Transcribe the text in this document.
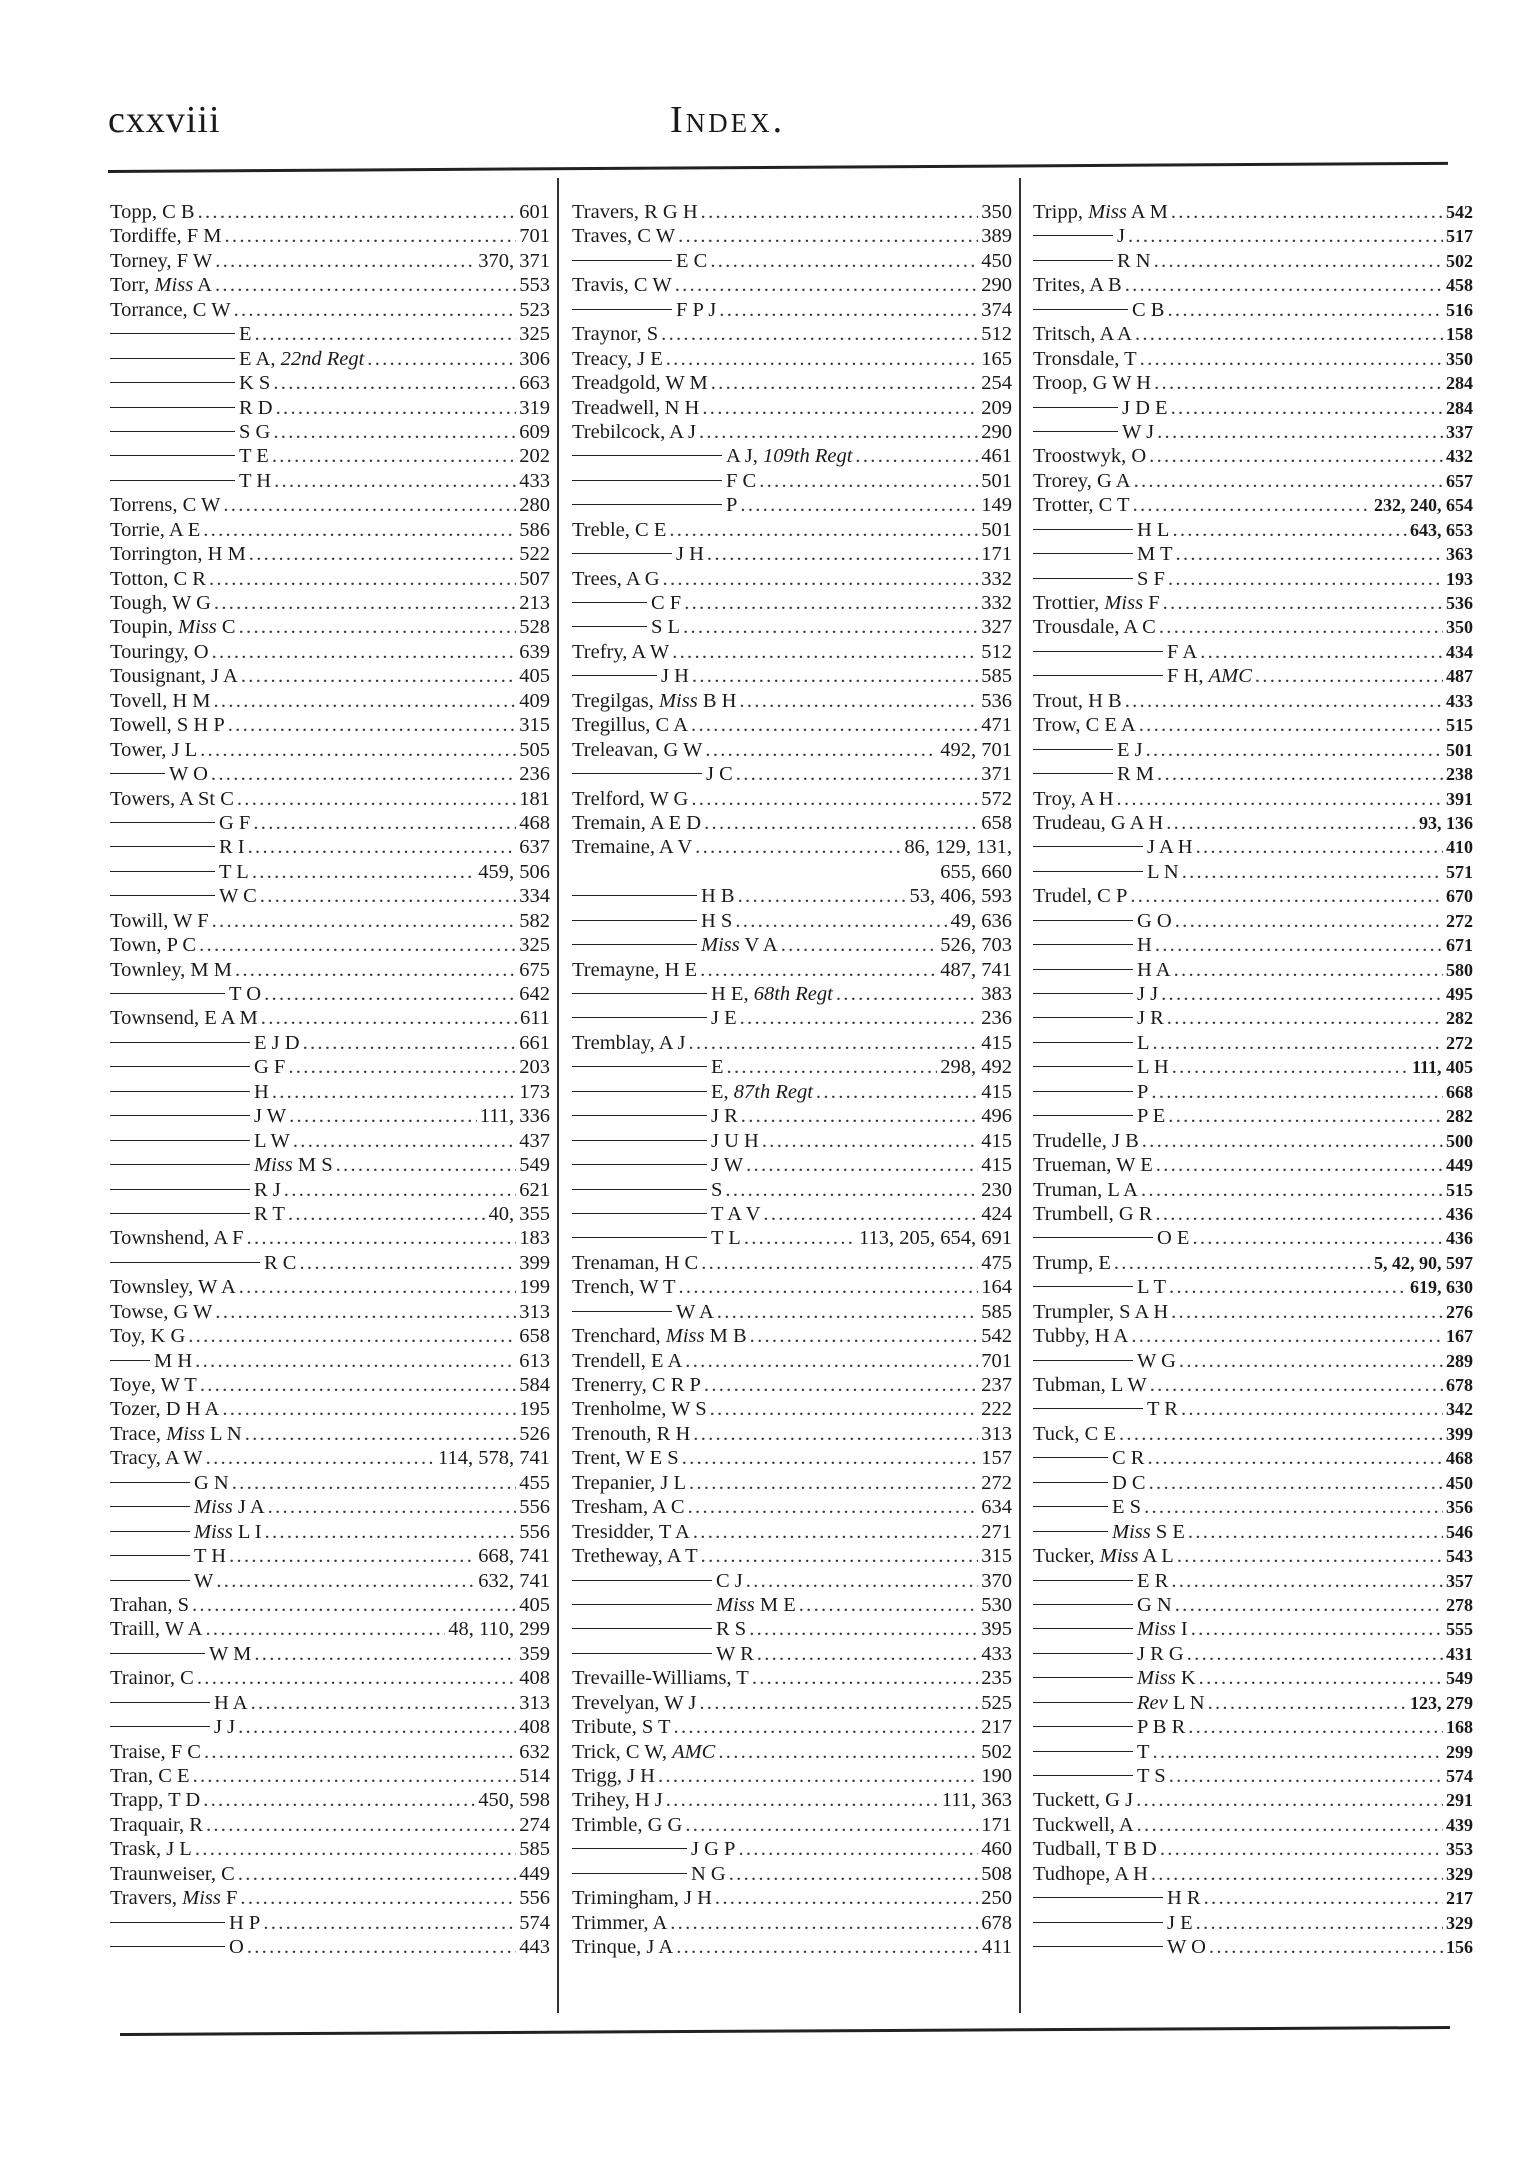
cxxviii	Index.
Topp, C B .....	601
Tordiffe, F M .....	701
Torney, F W .....	370, 371
Torr, Miss A .....	553
Torrance, C W .....	523
E .....	325
E A, 22nd Regt .....	306
K S .....	663
R D .....	319
S G .....	609
T E .....	202
T H .....	433
Torrens, C W .....	280
Torrie, A E .....	586
Torrington, H M .....	522
Totton, C R .....	507
Tough, W G .....	213
Toupin, Miss C .....	528
Touringy, O .....	639
Tousignant, J A .....	405
Tovell, H M .....	409
Towell, S H P .....	315
Tower, J L .....	505
W O .....	236
Towers, A St C .....	181
G F .....	468
R I .....	637
T L .....	459, 506
W C .....	334
Towill, W F .....	582
Town, P C .....	325
Townley, M M .....	675
T O .....	642
Townsend, E A M .....	611
E J D .....	661
G F .....	203
H .....	173
J W .....	111, 336
L W .....	437
Miss M S .....	549
R J .....	621
R T .....	40, 355
Townshend, A F .....	183
R C .....	399
Townsley, W A .....	199
Towse, G W .....	313
Toy, K G .....	658
M H .....	613
Toye, W T .....	584
Tozer, D H A .....	195
Trace, Miss L N .....	526
Tracy, A W .....	114, 578, 741
G N .....	455
Miss J A .....	556
Miss L I .....	556
T H .....	668, 741
W .....	632, 741
Trahan, S .....	405
Traill, W A .....	48, 110, 299
W M .....	359
Trainor, C .....	408
H A .....	313
J J .....	408
Traise, F C .....	632
Tran, C E .....	514
Trapp, T D .....	450, 598
Traquair, R .....	274
Trask, J L .....	585
Traunweiser, C .....	449
Travers, Miss F .....	556
H P .....	574
O .....	443
Travers, R G H .....	350
Traves, C W .....	389
E C .....	450
Travis, C W .....	290
F P J .....	374
Traynor, S .....	512
Treacy, J E .....	165
Treadgold, W M .....	254
Treadwell, N H .....	209
Trebilcock, A J .....	290
A J, 109th Regt .....	461
F C .....	501
P .....	149
Treble, C E .....	501
J H .....	171
Trees, A G .....	332
C F .....	332
S L .....	327
Trefry, A W .....	512
J H .....	585
Tregilgas, Miss B H .....	536
Tregillus, C A .....	471
Treleavan, G W .....	492, 701
J C .....	371
Trelford, W G .....	572
Tremain, A E D .....	658
Tremaine, A V .....	86, 129, 131,
655, 660
H B .....	53, 406, 593
H S .....	49, 636
Miss V A .....	526, 703
Tremayne, H E .....	487, 741
H E, 68th Regt .....	383
J E .....	236
Tremblay, A J .....	415
E .....	298, 492
E, 87th Regt .....	415
J R .....	496
J U H .....	415
J W .....	415
S .....	230
T A V .....	424
T L .....	113, 205, 654, 691
Trenaman, H C .....	475
Trench, W T .....	164
W A .....	585
Trenchard, Miss M B .....	542
Trendell, E A .....	701
Trenerry, C R P .....	237
Trenholme, W S .....	222
Trenouth, R H .....	313
Trent, W E S .....	157
Trepanier, J L .....	272
Tresham, A C .....	634
Tresidder, T A .....	271
Tretheway, A T .....	315
C J .....	370
Miss M E .....	530
R S .....	395
W R .....	433
Trevaille-Williams, T .....	235
Trevelyan, W J .....	525
Tribute, S T .....	217
Trick, C W, AMC .....	502
Trigg, J H .....	190
Trihey, H J .....	111, 363
Trimble, G G .....	171
J G P .....	460
N G .....	508
Trimingham, J H .....	250
Trimmer, A .....	678
Trinque, J A .....	411
Tripp, Miss A M .....	542
J .....	517
R N .....	502
Trites, A B .....	458
C B .....	516
Tritsch, A A .....	158
Tronsdale, T .....	350
Troop, G W H .....	284
J D E .....	284
W J .....	337
Troostwyk, O .....	432
Trorey, G A .....	657
Trotter, C T .....	232, 240, 654
H L .....	643, 653
M T .....	363
S F .....	193
Trottier, Miss F .....	536
Trousdale, A C .....	350
F A .....	434
F H, AMC .....	487
Trout, H B .....	433
Trow, C E A .....	515
E J .....	501
R M .....	238
Troy, A H .....	391
Trudeau, G A H .....	93, 136
J A H .....	410
L N .....	571
Trudel, C P .....	670
G O .....	272
H .....	671
H A .....	580
J J .....	495
J R .....	282
L .....	272
L H .....	111, 405
P .....	668
P E .....	282
Trudelle, J B .....	500
Trueman, W E .....	449
Truman, L A .....	515
Trumbell, G R .....	436
O E .....	436
Trump, E .....	5, 42, 90, 597
L T .....	619, 630
Trumpler, S A H .....	276
Tubby, H A .....	167
W G .....	289
Tubman, L W .....	678
T R .....	342
Tuck, C E .....	399
C R .....	468
D C .....	450
E S .....	356
Miss S E .....	546
Tucker, Miss A L .....	543
E R .....	357
G N .....	278
Miss I .....	555
J R G .....	431
Miss K .....	549
Rev L N .....	123, 279
P B R .....	168
T .....	299
T S .....	574
Tuckett, G J .....	291
Tuckwell, A .....	439
Tudball, T B D .....	353
Tudhope, A H .....	329
H R .....	217
J E .....	329
W O .....	156
